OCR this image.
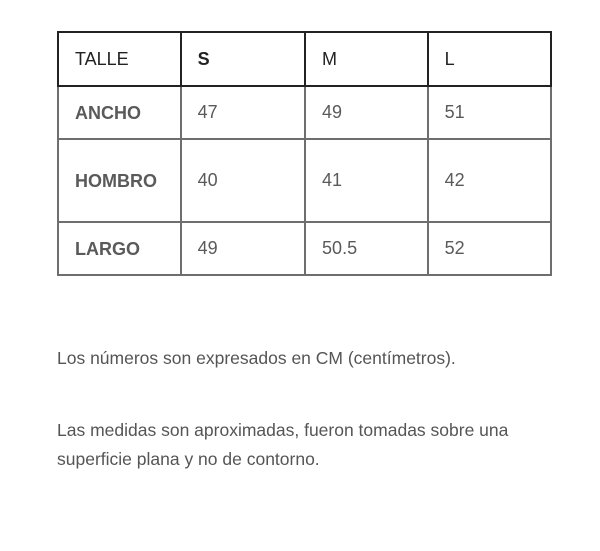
TALLE	S	M	L
ANCHO	47	49	51
HOMBRO	40	41	42
LARGO	49	50.5	52

Los números son expresados en CM (centímetros).

Las medidas son aproximadas, fueron tomadas sobre una superficie plana y no de contorno.
